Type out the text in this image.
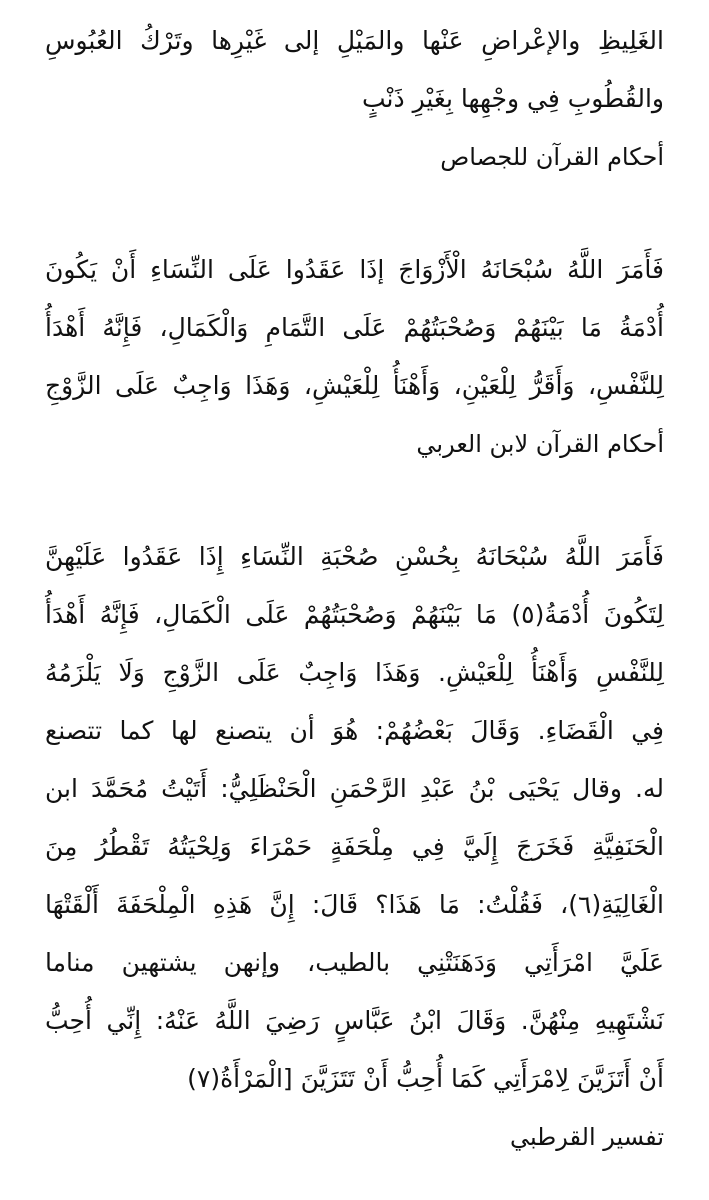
الغَلِيظِ والإعْراضِ عَنْها والمَيْلِ إلى غَيْرِها وتَرْكُ العُبُوسِ
والقُطُوبِ فِي وجْهِها بِغَيْرِ ذَنْبٍ
أحكام القرآن للجصاص
فَأَمَرَ اللَّهُ سُبْحَانَهُ الْأَزْوَاجَ إذَا عَقَدُوا عَلَى النِّسَاءِ أَنْ يَكُونَ
أُدْمَةُ مَا بَيْنَهُمْ وَصُحْبَتُهُمْ عَلَى التَّمَامِ وَالْكَمَالِ، فَإِنَّهُ أَهْدَأُ
لِلنَّفْسِ، وَأَقَرُّ لِلْعَيْنِ، وَأَهْنَأُ لِلْعَيْشِ، وَهَذَا وَاجِبٌ عَلَى الزَّوْجِ
أحكام القرآن لابن العربي
فَأَمَرَ اللَّهُ سُبْحَانَهُ بِحُسْنِ صُحْبَةِ النِّسَاءِ إِذَا عَقَدُوا عَلَيْهِنَّ
لِتَكُونَ أُدْمَةُ(٥) مَا بَيْنَهُمْ وَصُحْبَتُهُمْ عَلَى الْكَمَالِ، فَإِنَّهُ أَهْدَأُ
لِلنَّفْسِ وَأَهْنَأُ لِلْعَيْشِ. وَهَذَا وَاجِبٌ عَلَى الزَّوْجِ وَلَا يَلْزَمُهُ
فِي الْقَضَاءِ. وَقَالَ بَعْضُهُمْ: هُوَ أن يتصنع لها كما تتصنع
له. وقال يَحْيَى بْنُ عَبْدِ الرَّحْمَنِ الْحَنْظَلِيُّ: أَتَيْتُ مُحَمَّدَ ابن
الْحَنَفِيَّةِ فَخَرَجَ إِلَيَّ فِي مِلْحَفَةٍ حَمْرَاءَ وَلِحْيَتُهُ تَقْطُرُ مِنَ
الْغَالِيَةِ(٦)، فَقُلْتُ: مَا هَذَا؟ قَالَ: إِنَّ هَذِهِ الْمِلْحَفَةَ أَلْقَتْهَا
عَلَيَّ امْرَأَتِي وَدَهَنَتْنِي بالطيب، وإنهن يشتهين مناما
نَشْتَهِيهِ مِنْهُنَّ. وَقَالَ ابْنُ عَبَّاسٍ رَضِيَ اللَّهُ عَنْهُ: إِنِّي أُحِبُّ
أَنْ أَتَزَيَّنَ لِامْرَأَتِي كَمَا أُحِبُّ أَنْ تَتَزَيَّنَ [الْمَرْأَةُ(٧)
تفسير القرطبي
